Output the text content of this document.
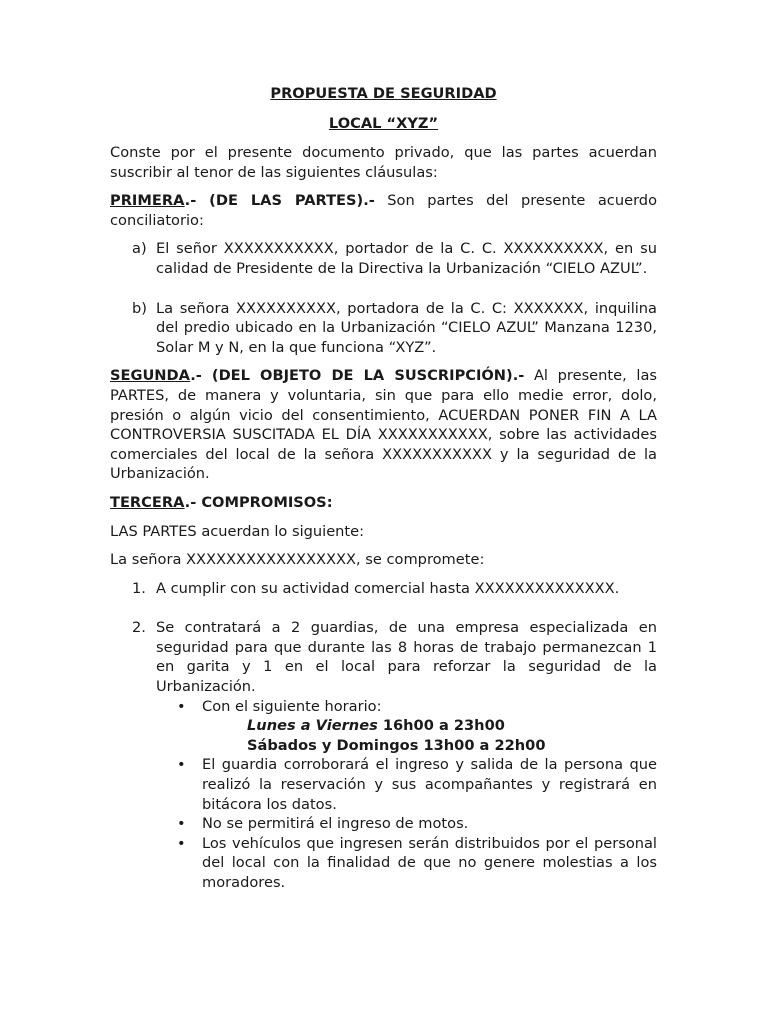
PROPUESTA DE SEGURIDAD

LOCAL “XYZ”

Conste por el presente documento privado, que las partes acuerdan suscribir al tenor de las siguientes cláusulas:

PRIMERA.- (DE LAS PARTES).- Son partes del presente acuerdo conciliatorio:

a) El señor XXXXXXXXXXX, portador de la C. C. XXXXXXXXXX, en su calidad de Presidente de la Directiva la Urbanización “CIELO AZUL”.
b) La señora XXXXXXXXXX, portadora de la C. C: XXXXXXX, inquilina del predio ubicado en la Urbanización “CIELO AZUL” Manzana 1230, Solar M y N, en la que funciona “XYZ”.

SEGUNDA.- (DEL OBJETO DE LA SUSCRIPCIÓN).- Al presente, las PARTES, de manera y voluntaria, sin que para ello medie error, dolo, presión o algún vicio del consentimiento, ACUERDAN PONER FIN A LA CONTROVERSIA SUSCITADA EL DÍA XXXXXXXXXXX, sobre las actividades comerciales del local de la señora XXXXXXXXXXX y la seguridad de la Urbanización.

TERCERA.- COMPROMISOS:

LAS PARTES acuerdan lo siguiente:

La señora XXXXXXXXXXXXXXXXX, se compromete:

1. A cumplir con su actividad comercial hasta XXXXXXXXXXXXXX.
2. Se contratará a 2 guardias, de una empresa especializada en seguridad para que durante las 8 horas de trabajo permanezcan 1 en garita y 1 en el local para reforzar la seguridad de la Urbanización.
• Con el siguiente horario:
Lunes a Viernes 16h00 a 23h00
Sábados y Domingos 13h00 a 22h00
• El guardia corroborará el ingreso y salida de la persona que realizó la reservación y sus acompañantes y registrará en bitácora los datos.
• No se permitirá el ingreso de motos.
• Los vehículos que ingresen serán distribuidos por el personal del local con la finalidad de que no genere molestias a los moradores.
